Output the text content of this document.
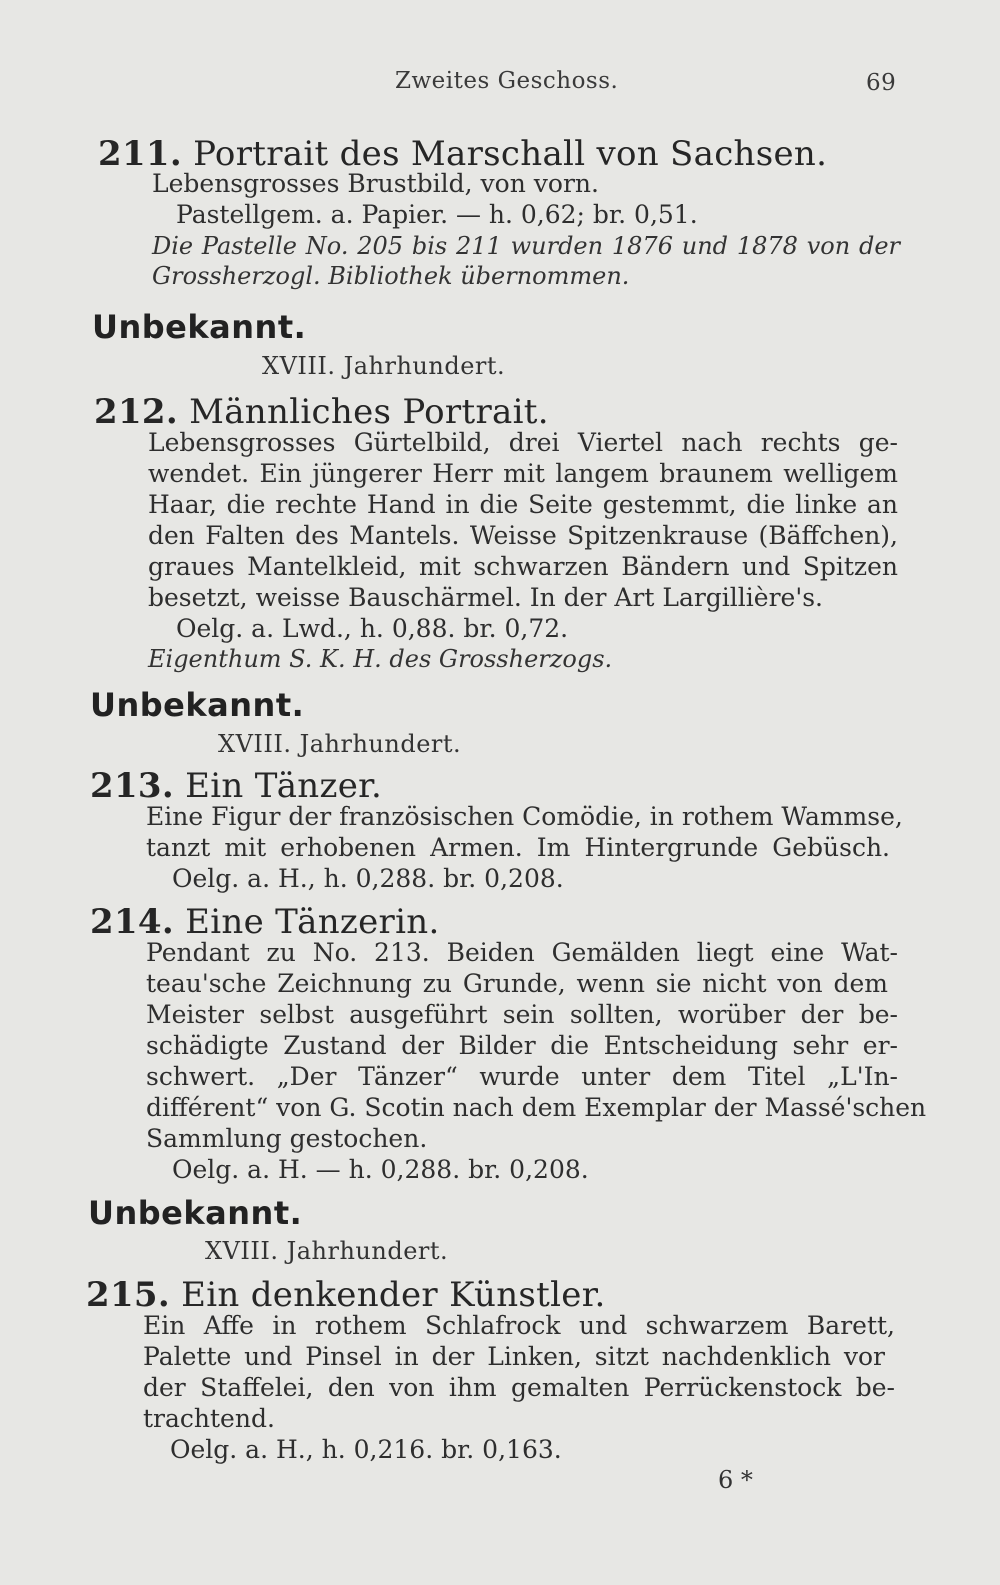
Zweites Geschoss.	69
211. Portrait des Marschall von Sachsen.
Lebensgrosses Brustbild, von vorn.
Pastellgem. a. Papier. — h. 0,62; br. 0,51.
Die Pastelle No. 205 bis 211 wurden 1876 und 1878 von der
Grossherzogl. Bibliothek übernommen.
Unbekannt.
XVIII. Jahrhundert.
212. Männliches Portrait.
Lebensgrosses Gürtelbild, drei Viertel nach rechts ge-
wendet. Ein jüngerer Herr mit langem braunem welligem
Haar, die rechte Hand in die Seite gestemmt, die linke an
den Falten des Mantels. Weisse Spitzenkrause (Bäffchen),
graues Mantelkleid, mit schwarzen Bändern und Spitzen
besetzt, weisse Bauschärmel. In der Art Largillière's.
Oelg. a. Lwd., h. 0,88. br. 0,72.
Eigenthum S. K. H. des Grossherzogs.
Unbekannt.
XVIII. Jahrhundert.
213. Ein Tänzer.
Eine Figur der französischen Comödie, in rothem Wammse,
tanzt mit erhobenen Armen. Im Hintergrunde Gebüsch.
Oelg. a. H., h. 0,288. br. 0,208.
214. Eine Tänzerin.
Pendant zu No. 213. Beiden Gemälden liegt eine Wat-
teau'sche Zeichnung zu Grunde, wenn sie nicht von dem
Meister selbst ausgeführt sein sollten, worüber der be-
schädigte Zustand der Bilder die Entscheidung sehr er-
schwert. „Der Tänzer“ wurde unter dem Titel „L'In-
différent“ von G. Scotin nach dem Exemplar der Massé'schen
Sammlung gestochen.
Oelg. a. H. — h. 0,288. br. 0,208.
Unbekannt.
XVIII. Jahrhundert.
215. Ein denkender Künstler.
Ein Affe in rothem Schlafrock und schwarzem Barett,
Palette und Pinsel in der Linken, sitzt nachdenklich vor
der Staffelei, den von ihm gemalten Perrückenstock be-
trachtend.
Oelg. a. H., h. 0,216. br. 0,163.
6 *
